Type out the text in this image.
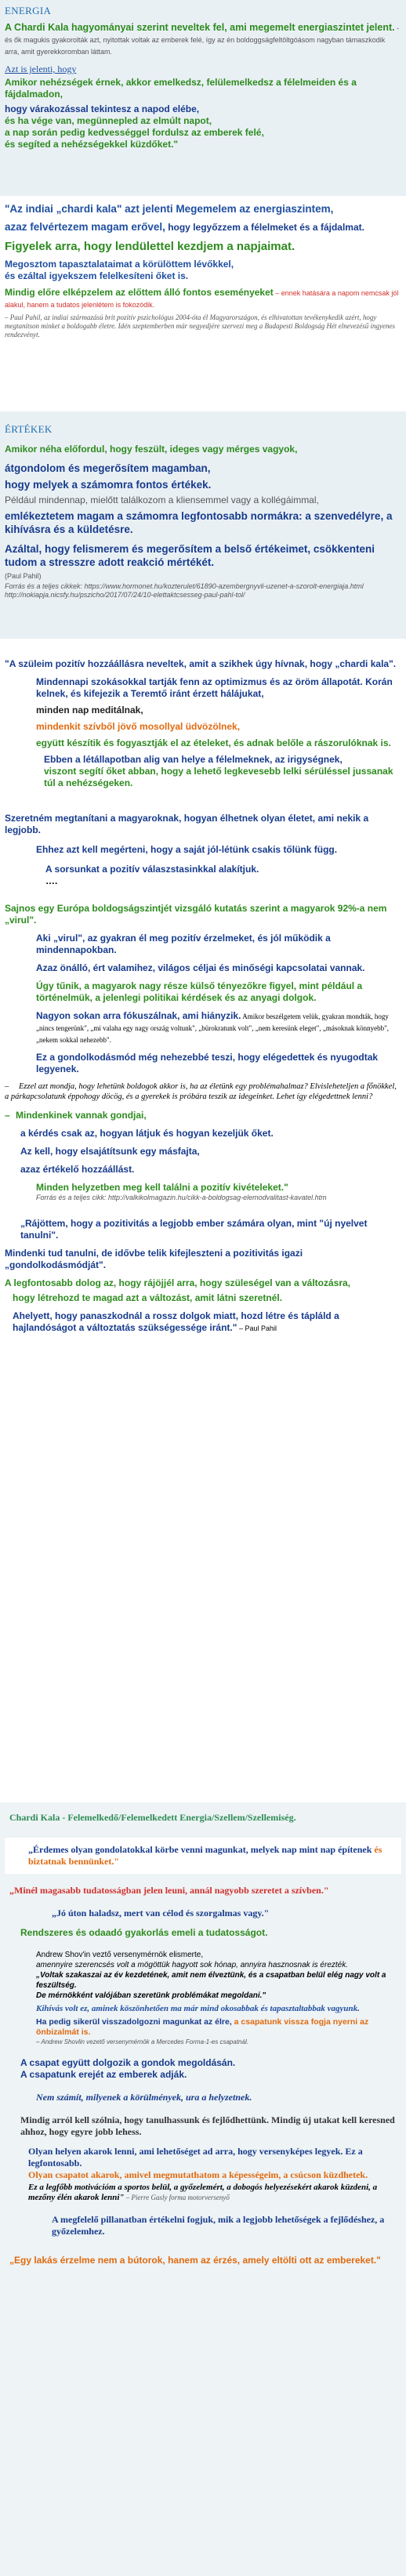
ENERGIA

A Chardi Kala hagyományai szerint neveltek fel, ami megemelt energiaszintet jelent. - és ők magukis gyakorolták azt, nyitottak voltak az emberek felé, így az én boldoggságfeltöltgóásom nagyban támaszkodik arra, amit gyerekkoromban láttam.

Azt is jelenti, hogy

Amikor nehézségek érnek, akkor emelkedsz, felülemelkedsz a félelmeiden és a fájdalmadon,

hogy várakozással tekintesz a napod elébe,

és ha vége van, megünnepled az elmúlt napot,

a nap során pedig kedvességgel fordulsz az emberek felé,

és segíted a nehézségekkel küzdőket."

"Az indiai „chardi kala" azt jelenti Megemelem az energiaszintem,

azaz felvértezem magam erővel, hogy legyőzzem a félelmeket és a fájdalmat.

Figyelek arra, hogy lendülettel kezdjem a napjaimat.

Megosztom tapasztalataimat a körülöttem lévőkkel,

és ezáltal igyekszem felelkesíteni őket is.

Mindig előre elképzelem az előttem álló fontos eseményeket – ennek hatására a napom nemcsak jól alakul, hanem a tudatos jelenlétem is fokozódik.

– Paul Pahil, az indiai származású brit pozitív pszichológus 2004-óta él Magyarországon, és elhivatottan tevékenykedik azért, hogy megtanítson minket a boldogabb életre. Idén szeptemberben már negyedjére szervezi meg a Budapesti Boldogság Hét elnevezésű ingyenes rendezvényt.

ÉRTÉKEK

Amikor néha előfordul, hogy feszült, ideges vagy mérges vagyok,

átgondolom és megerősítem magamban,

hogy melyek a számomra fontos értékek.

Például mindennap, mielőtt találkozom a kliensemmel vagy a kollégáimmal,

emlékeztetem magam a számomra legfontosabb normákra: a szenvedélyre, a kihívásra és a küldetésre.

Azáltal, hogy felismerem és megerősítem a belső értékeimet, csökkenteni tudom a stresszre adott reakció mértékét.

(Paul Pahil)

Forrás és a teljes cikkek: https://www.hormonet.hu/kozterulet/61890-azembergnyvli-uzenet-a-szorolt-energiaja.html http://nokiapja.nicsfy.hu/pszicho/2017/07/24/10-elettaktcsesseg-paul-pahl-tol/

"A szüleim pozitív hozzáállásra neveltek, amit a szikhek úgy hívnak, hogy „chardi kala".

Mindennapi szokásokkal tartják fenn az optimizmus és az öröm állapotát. Korán kelnek, és kifejezik a Teremtő iránt érzett hálájukat,

minden nap meditálnak,

mindenkit szívből jövő mosollyal üdvözölnek,

együtt készítik és fogyasztják el az ételeket, és adnak belőle a rászorulóknak is.

Ebben a létállapotban alig van helye a félelmeknek, az irigységnek,

viszont segítí őket abban, hogy a lehető legkevesebb lelki sérüléssel jussanak túl a nehézségeken.

Szeretném megtanítani a magyaroknak, hogyan élhetnek olyan életet, ami nekik a legjobb.

Ehhez azt kell megérteni, hogy a saját jól-létünk csakis tőlünk függ.

A sorsunkat a pozitív válaszstasinkkal alakítjuk.

….

Sajnos egy Európa boldogságszintjét vizsgáló kutatás szerint a magyarok 92%-a nem „virul".

Aki „virul", az gyakran él meg pozitív érzelmeket, és jól működik a mindennapokban.

Azaz önálló, ért valamihez, világos céljai és minőségi kapcsolatai vannak.

Úgy tűnik, a magyarok nagy része külső tényezőkre figyel, mint például a történelmük, a jelenlegi politikai kérdések és az anyagi dolgok.

Nagyon sokan arra fókuszálnak, ami hiányzik. Amikor beszélgetem velük, gyakran mondták, hogy „nincs tengerünk", „mi valaha egy nagy ország voltunk", „bürokratunk volt", „nem keresünk eleget", „másoknak könnyebb", „nekem sokkal nehezebb".

Ez a gondolkodásmód még nehezebbé teszi, hogy elégedettek és nyugodtak legyenek.

– Ezzel azt mondja, hogy lehetünk boldogok akkor is, ha az életünk egy problémahalmaz? Elvisleheteljen a főnökkel, a párkapcsolatunk éppohogy döcög, és a gyerekek is próbára teszik az idegeinket. Lehet így elégedettnek lenni?

– Mindenkinek vannak gondjai,

a kérdés csak az, hogyan látjuk és hogyan kezeljük őket.

Az kell, hogy elsajátítsunk egy másfajta,

azaz értékelő hozzáállást.

Minden helyzetben meg kell találni a pozitív kivételeket."

Forrás és a teljes cikk: http://valkikolmagazin.hu/cikk-a-boldogsag-elemodvalitast-kavatel.htm

„Rájöttem, hogy a pozitivitás a legjobb ember számára olyan, mint "új nyelvet tanulni".

Mindenki tud tanulni, de idővbe telik kifejleszteni a pozitivitás igazi „gondolkodásmódját".

A legfontosabb dolog az, hogy rájöjjél arra, hogy szüleségel van a változásra,

hogy létrehozd te magad azt a változást, amit látni szeretnél.

Ahelyett, hogy panaszkodnál a rossz dolgok miatt, hozd létre és tápláld a hajlandóságot a változtatás szükségessége iránt." – Paul Pahil

Chardi Kala - Felemelkedő/Felemelkedett Energia/Szellem/Szellemiség.

„Érdemes olyan gondolatokkal körbe venni magunkat, melyek nap mint nap építenek és biztatnak bennünket."

„Minél magasabb tudatosságban jelen leuni, annál nagyobb szeretet a szívben."

„Jó úton haladsz, mert van célod és szorgalmas vagy."

Rendszeres és odaadó gyakorlás emeli a tudatosságot.

Andrew Shov'in veztő versenymérnök elismerte,

amennyire szerencsés volt a mögöttük hagyott sok hónap, annyira hasznosnak is érezték.

„Voltak szakaszai az év kezdetének, amit nem élveztünk, és a csapatban belül elég nagy volt a feszültség.

De mérnökként valójában szeretünk problémákat megoldani."

Kihívás volt ez, aminek köszönhetően ma már mind okosabbak és tapasztaltabbak vagyunk.

Ha pedig sikerül visszadolgozni magunkat az élre, a csapatunk vissza fogja nyerni az önbizalmát is.

– Andrew Shovlin vezető versenymérnök a Mercedes Forma-1-es csapatnál.

A csapat együtt dolgozik a gondok megoldásán.

A csapatunk erejét az emberek adják.

Nem számít, milyenek a körülmények, ura a helyzetnek.

Mindig arról kell szólnia, hogy tanulhassunk és fejlődhettünk. Mindig új utakat kell keresned ahhoz, hogy egyre jobb lehess.

Olyan helyen akarok lenni, ami lehetőséget ad arra, hogy versenyképes legyek. Ez a legfontosabb.

Olyan csapatot akarok, amivel megmutathatom a képességeim, a csúcson küzdhetek.

Ez a legfőbb motivációm a sportos belül, a győzelemért, a dobogós helyezésekért akarok küzdeni, a mezőny élén akarok lenni" – Pierre Gasly forma motorversenyő

A megfelelő pillanatban értékelni fogjuk, mik a legjobb lehetőségek a fejlődéshez, a győzelemhez.

„Egy lakás érzelme nem a bútorok, hanem az érzés, amely eltölti ott az embereket."
